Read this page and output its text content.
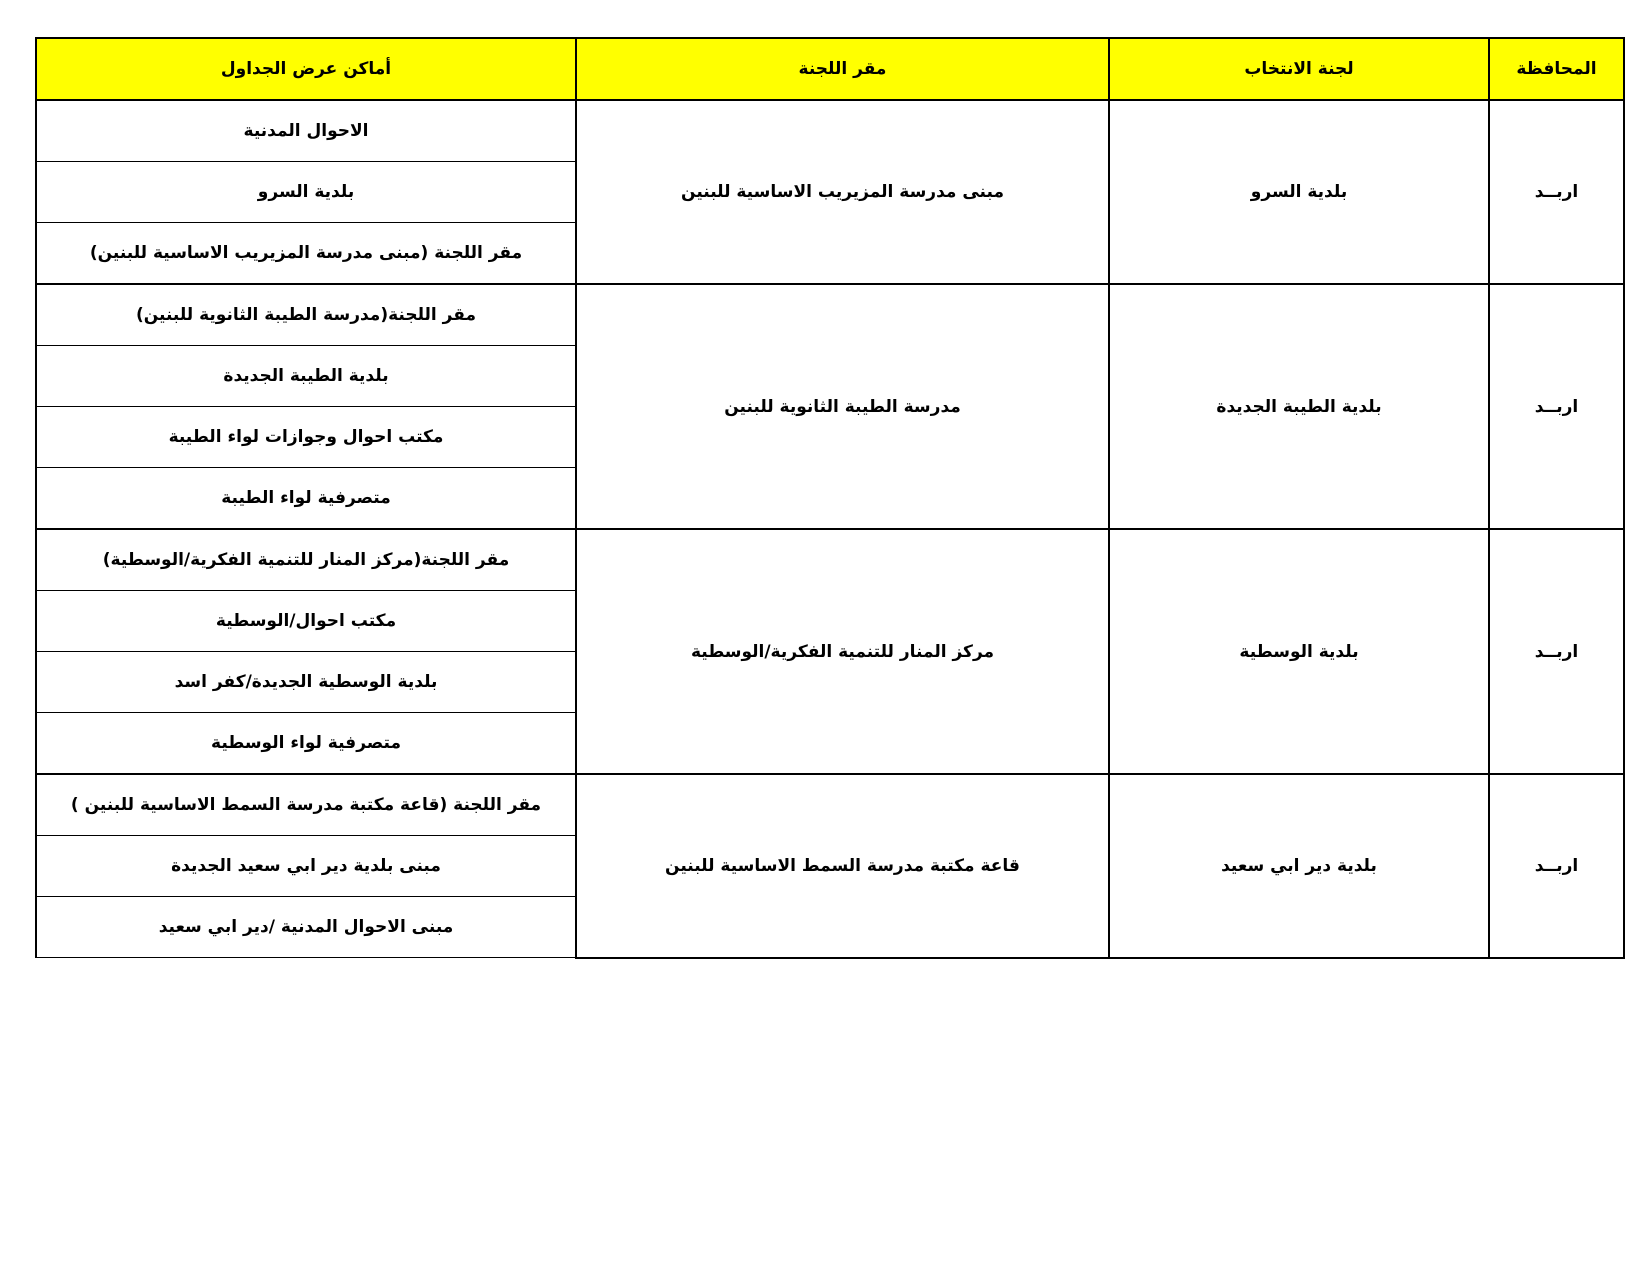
المحافظة	لجنة الانتخاب	مقر اللجنة	أماكن عرض الجداول
اربــد	بلدية السرو	مبنى مدرسة المزيريب الاساسية للبنين	الاحوال المدنية
			بلدية السرو
			مقر اللجنة (مبنى مدرسة المزيريب الاساسية للبنين)
اربــد	بلدية الطيبة الجديدة	مدرسة الطيبة الثانوية للبنين	مقر اللجنة(مدرسة الطيبة الثانوية للبنين)
			بلدية الطيبة الجديدة
			مكتب احوال وجوازات لواء الطيبة
			متصرفية لواء الطيبة
اربــد	بلدية الوسطية	مركز المنار للتنمية الفكرية/الوسطية	مقر اللجنة(مركز المنار للتنمية الفكرية/الوسطية)
			مكتب احوال/الوسطية
			بلدية الوسطية الجديدة/كفر اسد
			متصرفية لواء الوسطية
اربــد	بلدية دير ابي سعيد	قاعة مكتبة مدرسة السمط الاساسية للبنين	مقر اللجنة (قاعة مكتبة مدرسة السمط الاساسية للبنين )
			مبنى بلدية دير ابي سعيد الجديدة
			مبنى الاحوال المدنية /دير ابي سعيد
